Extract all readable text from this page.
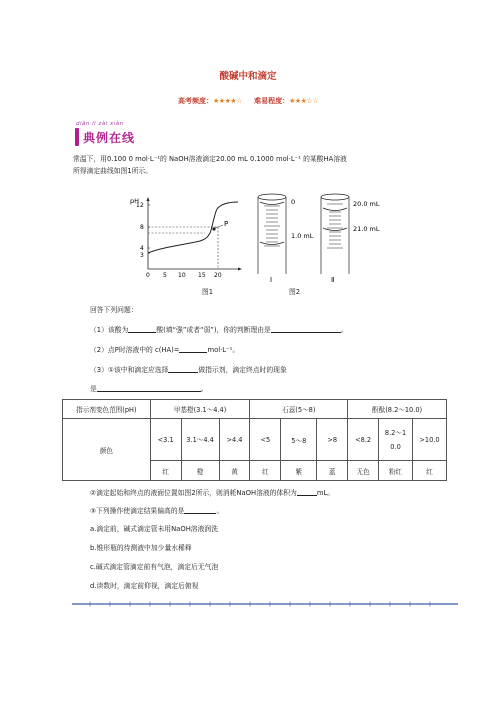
酸碱中和滴定
高考频度：★★★★☆ 难易程度：★★★☆☆
diǎn lì zài xiàn
典例在线
常温下，用0.100 0 mol·L⁻¹的 NaOH溶液滴定20.00 mL 0.1000 mol·L⁻¹ 的某酸HA溶液
所得滴定曲线如图1所示。
P
pH
12
8
4
3
0 5 10 15 20
图1
0
1.0 mL
Ⅰ
20.0 mL
21.0 mL
Ⅱ
图2
回答下列问题：
（1）该酸为	酸(填“强”或者“弱”)，你的判断理由是	。
（2）点P时溶液中的 c(HA)=	mol·L⁻¹。
（3）①该中和滴定应选择	做指示剂，滴定终点时的现象
是	。
指示剂变色范围(pH)	甲基橙(3.1～4.4)			石蕊(5～8)			酚酞(8.2～10.0)		
颜色	<3.1	3.1～4.4	>4.4	<5	5～8	>8	<8.2	8.2～10.0	>10.0
	红	橙	黄	红	紫	蓝	无色	粉红	红
②滴定起始和终点的液面位置如图2所示，则消耗NaOH溶液的体积为	mL。
③下列操作使滴定结果偏高的是	。
a.滴定前，碱式滴定管未用NaOH溶液润洗
b.锥形瓶的待测液中加少量水稀释
c.碱式滴定管滴定前有气泡，滴定后无气泡
d.读数时，滴定前仰视，滴定后俯视
